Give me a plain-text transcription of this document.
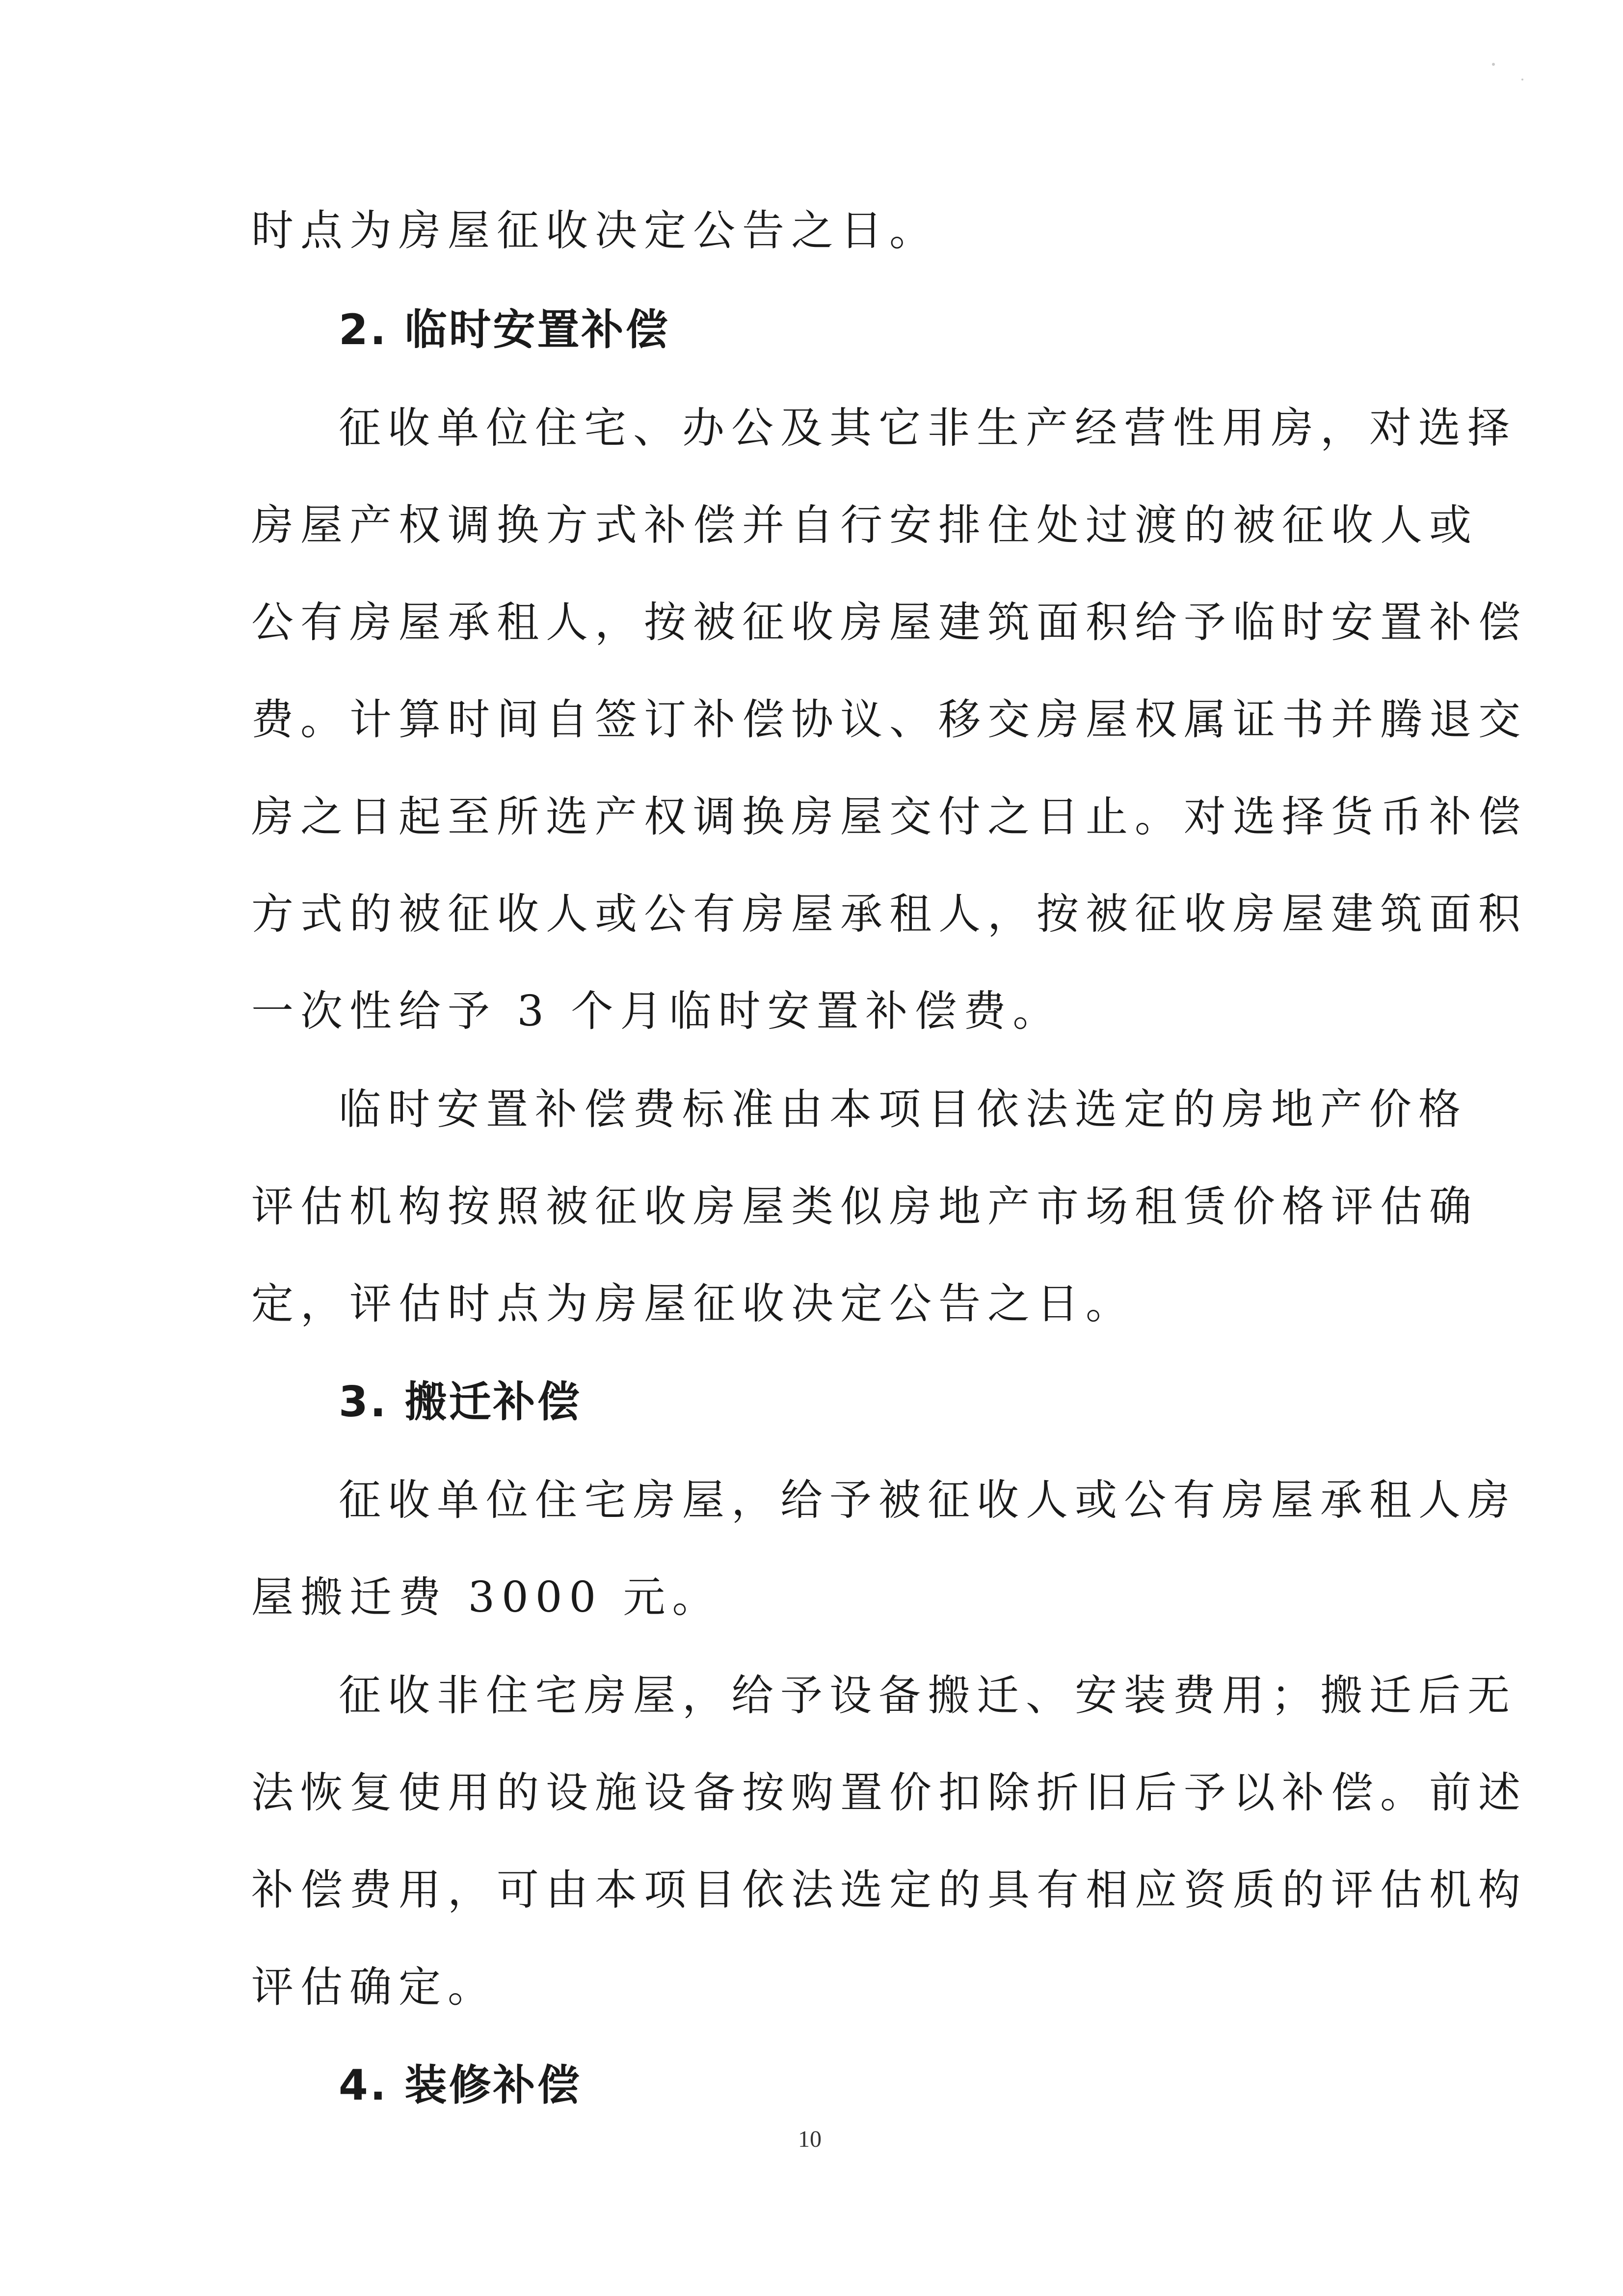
时点为房屋征收决定公告之日。
2. 临时安置补偿
征收单位住宅、办公及其它非生产经营性用房，对选择
房屋产权调换方式补偿并自行安排住处过渡的被征收人或
公有房屋承租人，按被征收房屋建筑面积给予临时安置补偿
费。计算时间自签订补偿协议、移交房屋权属证书并腾退交
房之日起至所选产权调换房屋交付之日止。对选择货币补偿
方式的被征收人或公有房屋承租人，按被征收房屋建筑面积
一次性给予 3 个月临时安置补偿费。
临时安置补偿费标准由本项目依法选定的房地产价格
评估机构按照被征收房屋类似房地产市场租赁价格评估确
定，评估时点为房屋征收决定公告之日。
3. 搬迁补偿
征收单位住宅房屋，给予被征收人或公有房屋承租人房
屋搬迁费 3000 元。
征收非住宅房屋，给予设备搬迁、安装费用；搬迁后无
法恢复使用的设施设备按购置价扣除折旧后予以补偿。前述
补偿费用，可由本项目依法选定的具有相应资质的评估机构
评估确定。
4. 装修补偿
10
